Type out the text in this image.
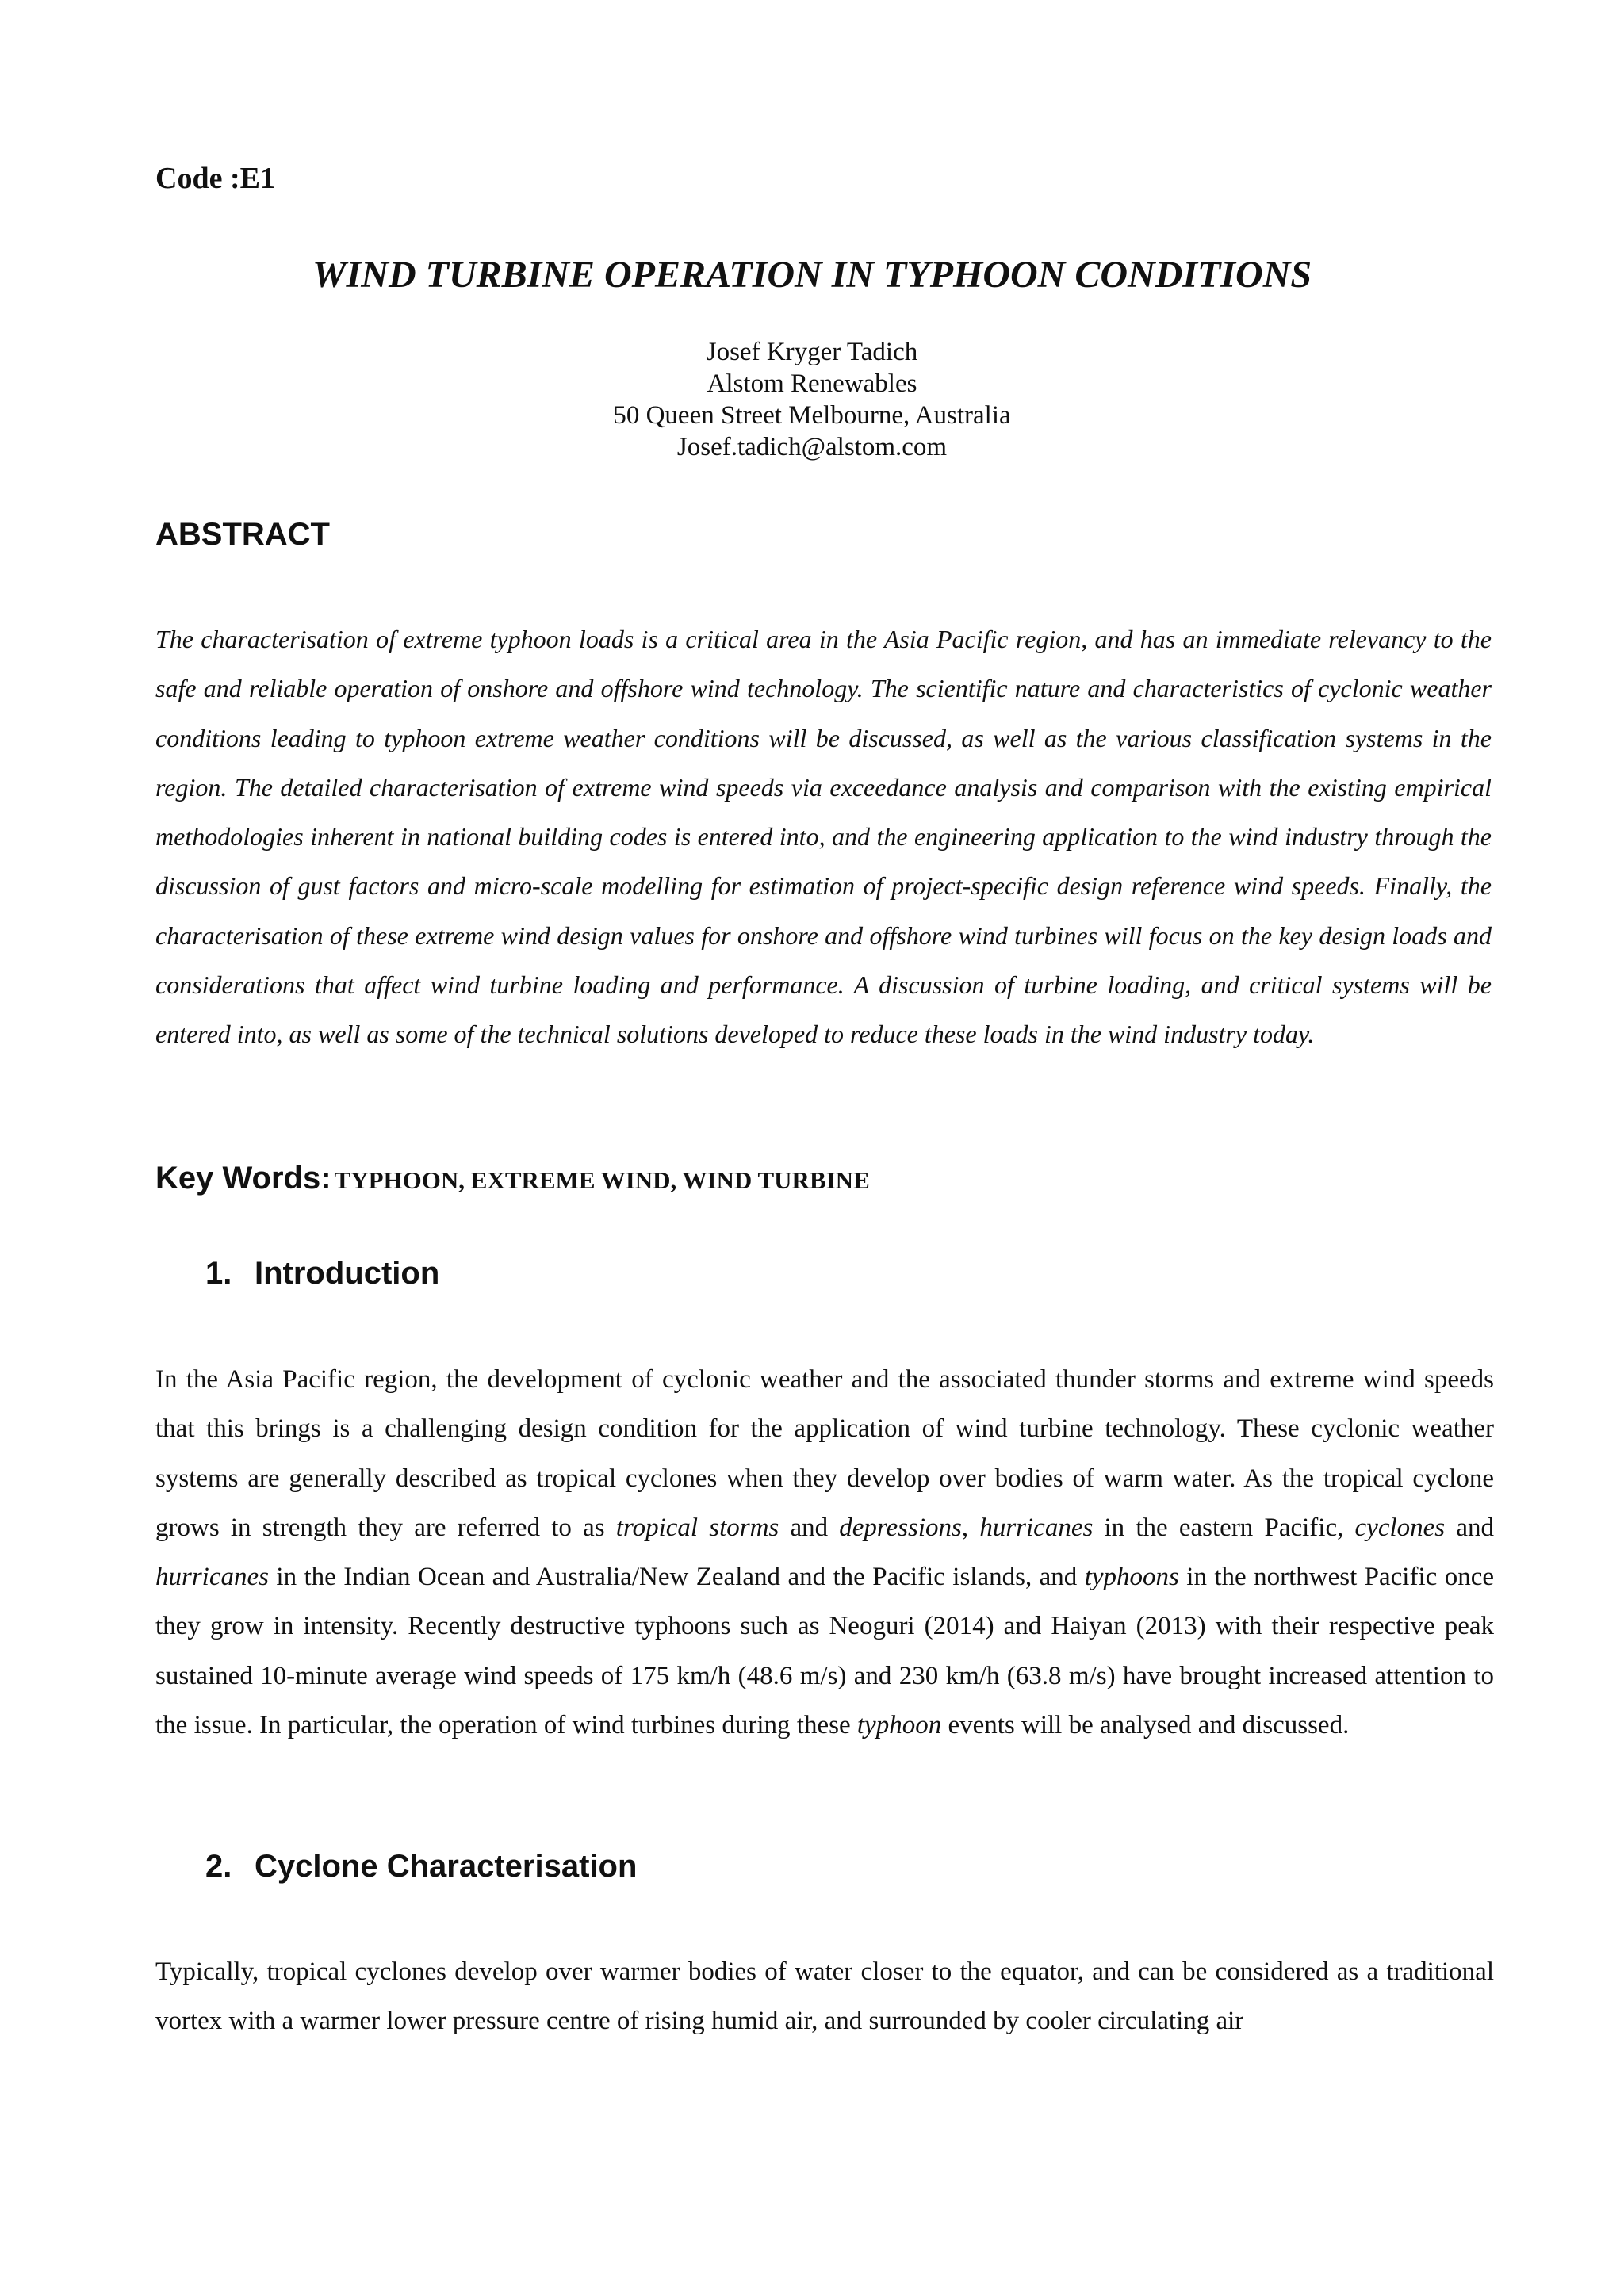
Code :E1

WIND TURBINE OPERATION IN TYPHOON CONDITIONS
Josef Kryger Tadich
Alstom Renewables
50 Queen Street Melbourne, Australia
Josef.tadich@alstom.com
ABSTRACT

The characterisation of extreme typhoon loads is a critical area in the Asia Pacific region, and has an immediate relevancy to the safe and reliable operation of onshore and offshore wind technology. The scientific nature and characteristics of cyclonic weather conditions leading to typhoon extreme weather conditions will be discussed, as well as the various classification systems in the region. The detailed characterisation of extreme wind speeds via exceedance analysis and comparison with the existing empirical methodologies inherent in national building codes is entered into, and the engineering application to the wind industry through the discussion of gust factors and micro-scale modelling for estimation of project-specific design reference wind speeds. Finally, the characterisation of these extreme wind design values for onshore and offshore wind turbines will focus on the key design loads and considerations that affect wind turbine loading and performance. A discussion of turbine loading, and critical systems will be entered into, as well as some of the technical solutions developed to reduce these loads in the wind industry today.

Key Words: TYPHOON, EXTREME WIND, WIND TURBINE

1. Introduction

In the Asia Pacific region, the development of cyclonic weather and the associated thunder storms and extreme wind speeds that this brings is a challenging design condition for the application of wind turbine technology. These cyclonic weather systems are generally described as tropical cyclones when they develop over bodies of warm water. As the tropical cyclone grows in strength they are referred to as tropical storms and depressions, hurricanes in the eastern Pacific, cyclones and hurricanes in the Indian Ocean and Australia/New Zealand and the Pacific islands, and typhoons in the northwest Pacific once they grow in intensity. Recently destructive typhoons such as Neoguri (2014) and Haiyan (2013) with their respective peak sustained 10-minute average wind speeds of 175 km/h (48.6 m/s) and 230 km/h (63.8 m/s) have brought increased attention to the issue. In particular, the operation of wind turbines during these typhoon events will be analysed and discussed.

2. Cyclone Characterisation

Typically, tropical cyclones develop over warmer bodies of water closer to the equator, and can be considered as a traditional vortex with a warmer lower pressure centre of rising humid air, and surrounded by cooler circulating air
